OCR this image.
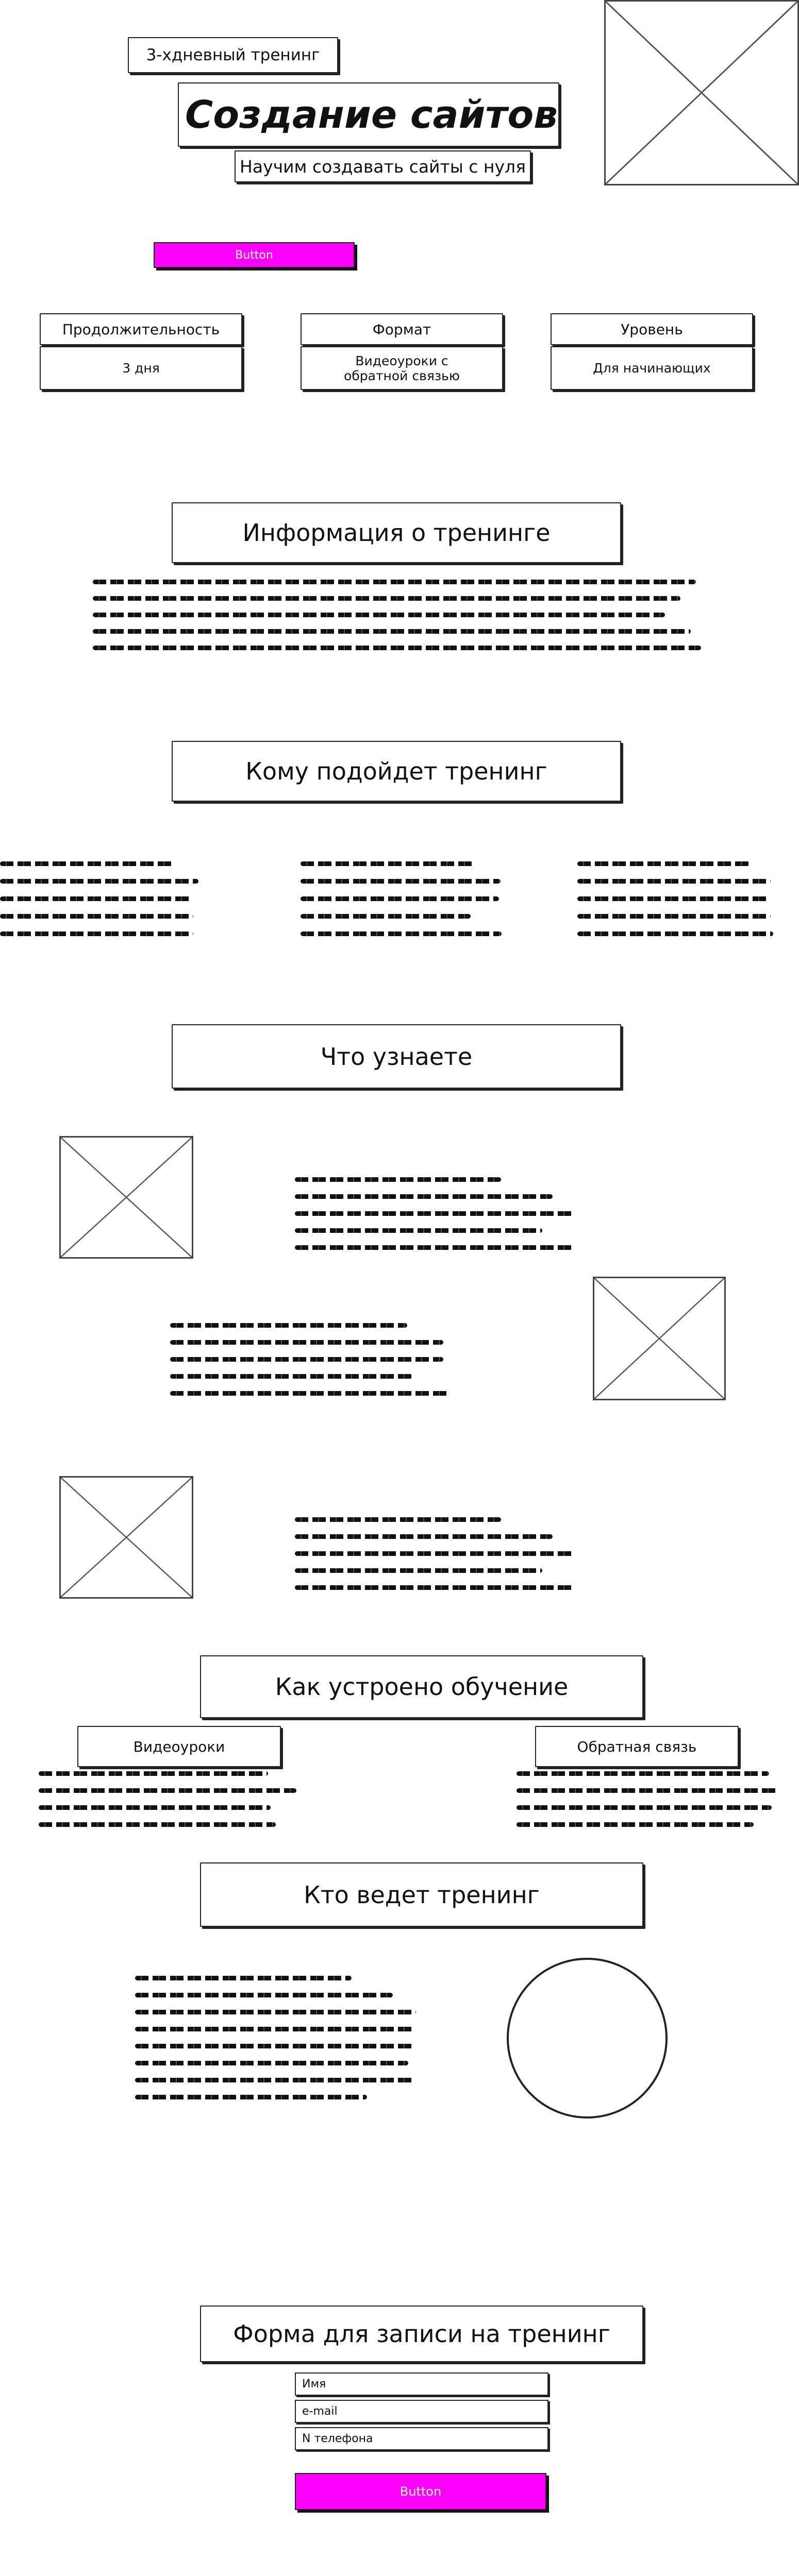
3-хдневный тренинг
Создание сайтов
Научим создавать сайты с нуля
Button
Продолжительность
3 дня
Формат
Видеоуроки с обратной связью
Уровень
Для начинающих
Информация о тренинге
Кому подойдет тренинг
Что узнаете
Как устроено обучение
Видеоуроки	Обратная связь
Кто ведет тренинг
Форма для записи на тренинг
Имя
e-mail
N телефона
Button
